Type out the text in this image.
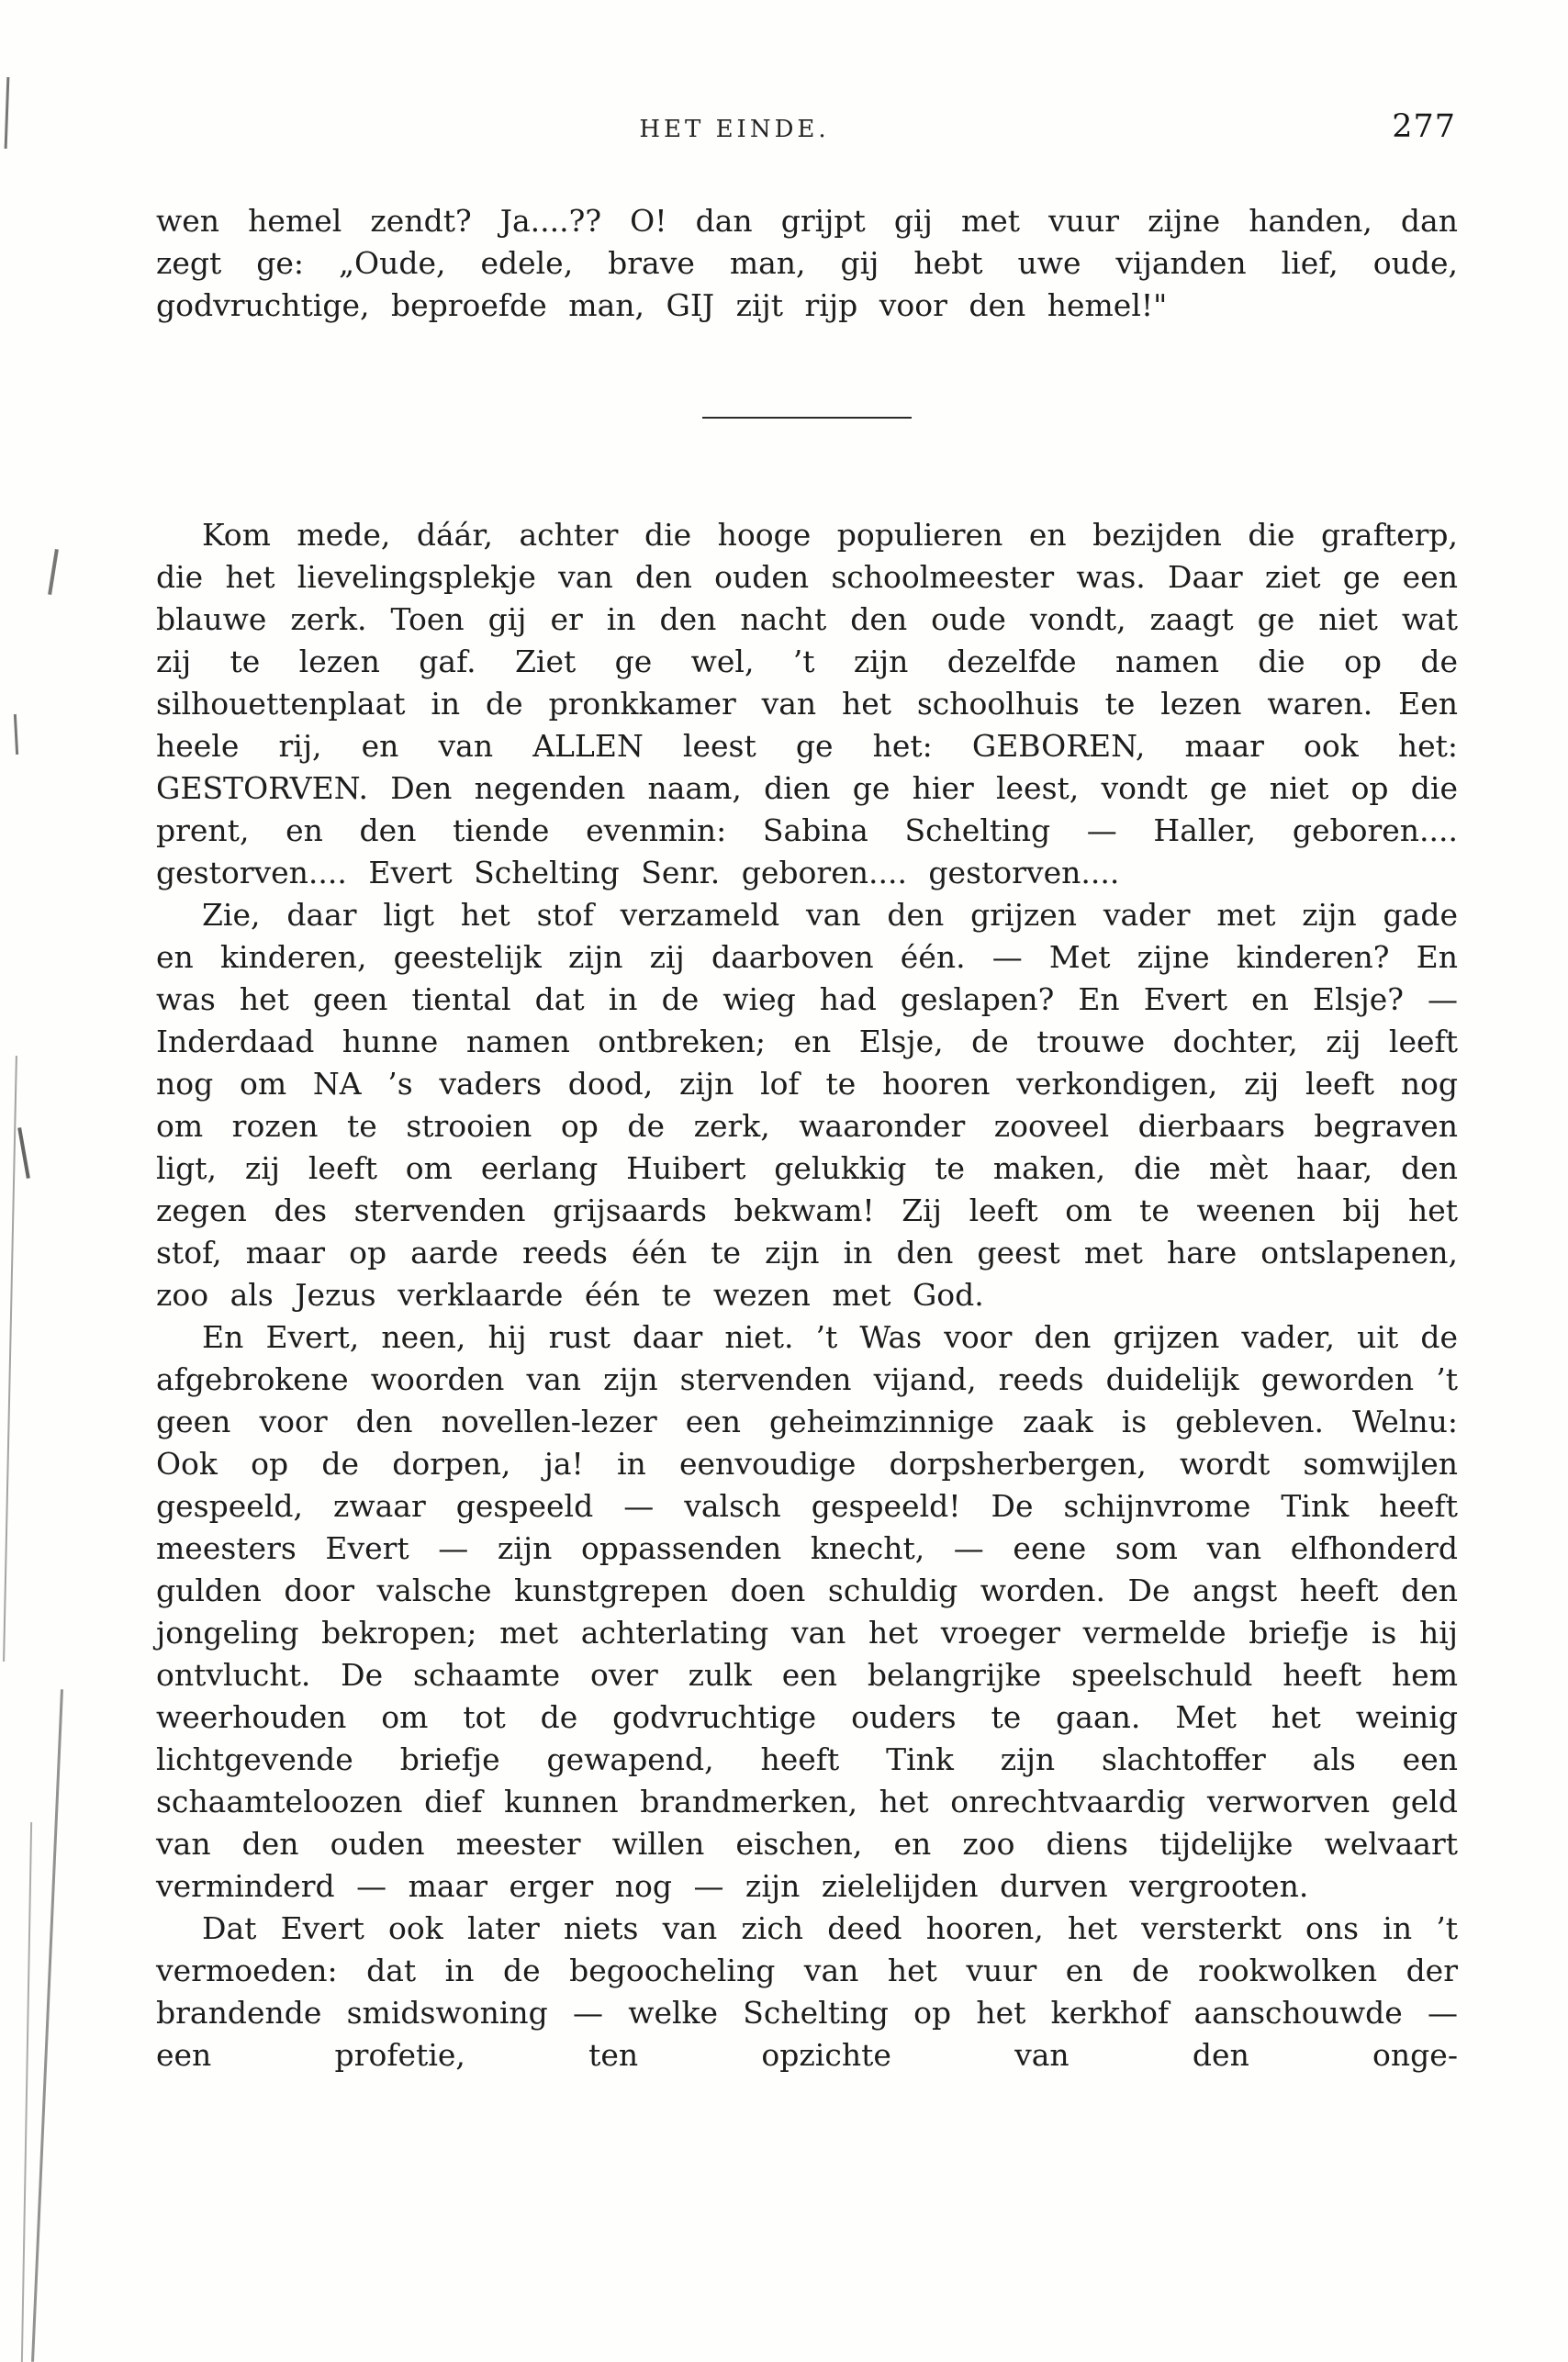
HET EINDE.	277

wen hemel zendt? Ja....?? O! dan grijpt gij met vuur zijne handen, dan zegt ge: „Oude, edele, brave man, gij hebt uwe vijanden lief, oude, godvruchtige, beproefde man, GIJ zijt rijp voor den hemel!"

Kom mede, dáár, achter die hooge populieren en bezijden die grafterp, die het lievelingsplekje van den ouden schoolmeester was. Daar ziet ge een blauwe zerk. Toen gij er in den nacht den oude vondt, zaagt ge niet wat zij te lezen gaf. Ziet ge wel, ’t zijn dezelfde namen die op de silhouettenplaat in de pronkkamer van het schoolhuis te lezen waren. Een heele rij, en van ALLEN leest ge het: GEBOREN, maar ook het: GESTORVEN. Den negenden naam, dien ge hier leest, vondt ge niet op die prent, en den tiende evenmin: Sabina Schelting — Haller, geboren.... gestorven.... Evert Schelting Senr. geboren.... gestorven....

Zie, daar ligt het stof verzameld van den grijzen vader met zijn gade en kinderen, geestelijk zijn zij daarboven één. — Met zijne kinderen? En was het geen tiental dat in de wieg had geslapen? En Evert en Elsje? — Inderdaad hunne namen ontbreken; en Elsje, de trouwe dochter, zij leeft nog om NA ’s vaders dood, zijn lof te hooren verkondigen, zij leeft nog om rozen te strooien op de zerk, waaronder zooveel dierbaars begraven ligt, zij leeft om eerlang Huibert gelukkig te maken, die mèt haar, den zegen des stervenden grijsaards bekwam! Zij leeft om te weenen bij het stof, maar op aarde reeds één te zijn in den geest met hare ontslapenen, zoo als Jezus verklaarde één te wezen met God.

En Evert, neen, hij rust daar niet. ’t Was voor den grijzen vader, uit de afgebrokene woorden van zijn stervenden vijand, reeds duidelijk geworden ’t geen voor den novellen-lezer een geheimzinnige zaak is gebleven. Welnu: Ook op de dorpen, ja! in eenvoudige dorpsherbergen, wordt somwijlen gespeeld, zwaar gespeeld — valsch gespeeld! De schijnvrome Tink heeft meesters Evert — zijn oppassenden knecht, — eene som van elfhonderd gulden door valsche kunstgrepen doen schuldig worden. De angst heeft den jongeling bekropen; met achterlating van het vroeger vermelde briefje is hij ontvlucht. De schaamte over zulk een belangrijke speelschuld heeft hem weerhouden om tot de godvruchtige ouders te gaan. Met het weinig lichtgevende briefje gewapend, heeft Tink zijn slachtoffer als een schaamteloozen dief kunnen brandmerken, het onrechtvaardig verworven geld van den ouden meester willen eischen, en zoo diens tijdelijke welvaart verminderd — maar erger nog — zijn zielelijden durven vergrooten.

Dat Evert ook later niets van zich deed hooren, het versterkt ons in ’t vermoeden: dat in de begoocheling van het vuur en de rookwolken der brandende smidswoning — welke Schelting op het kerkhof aanschouwde — een profetie, ten opzichte van den onge-
